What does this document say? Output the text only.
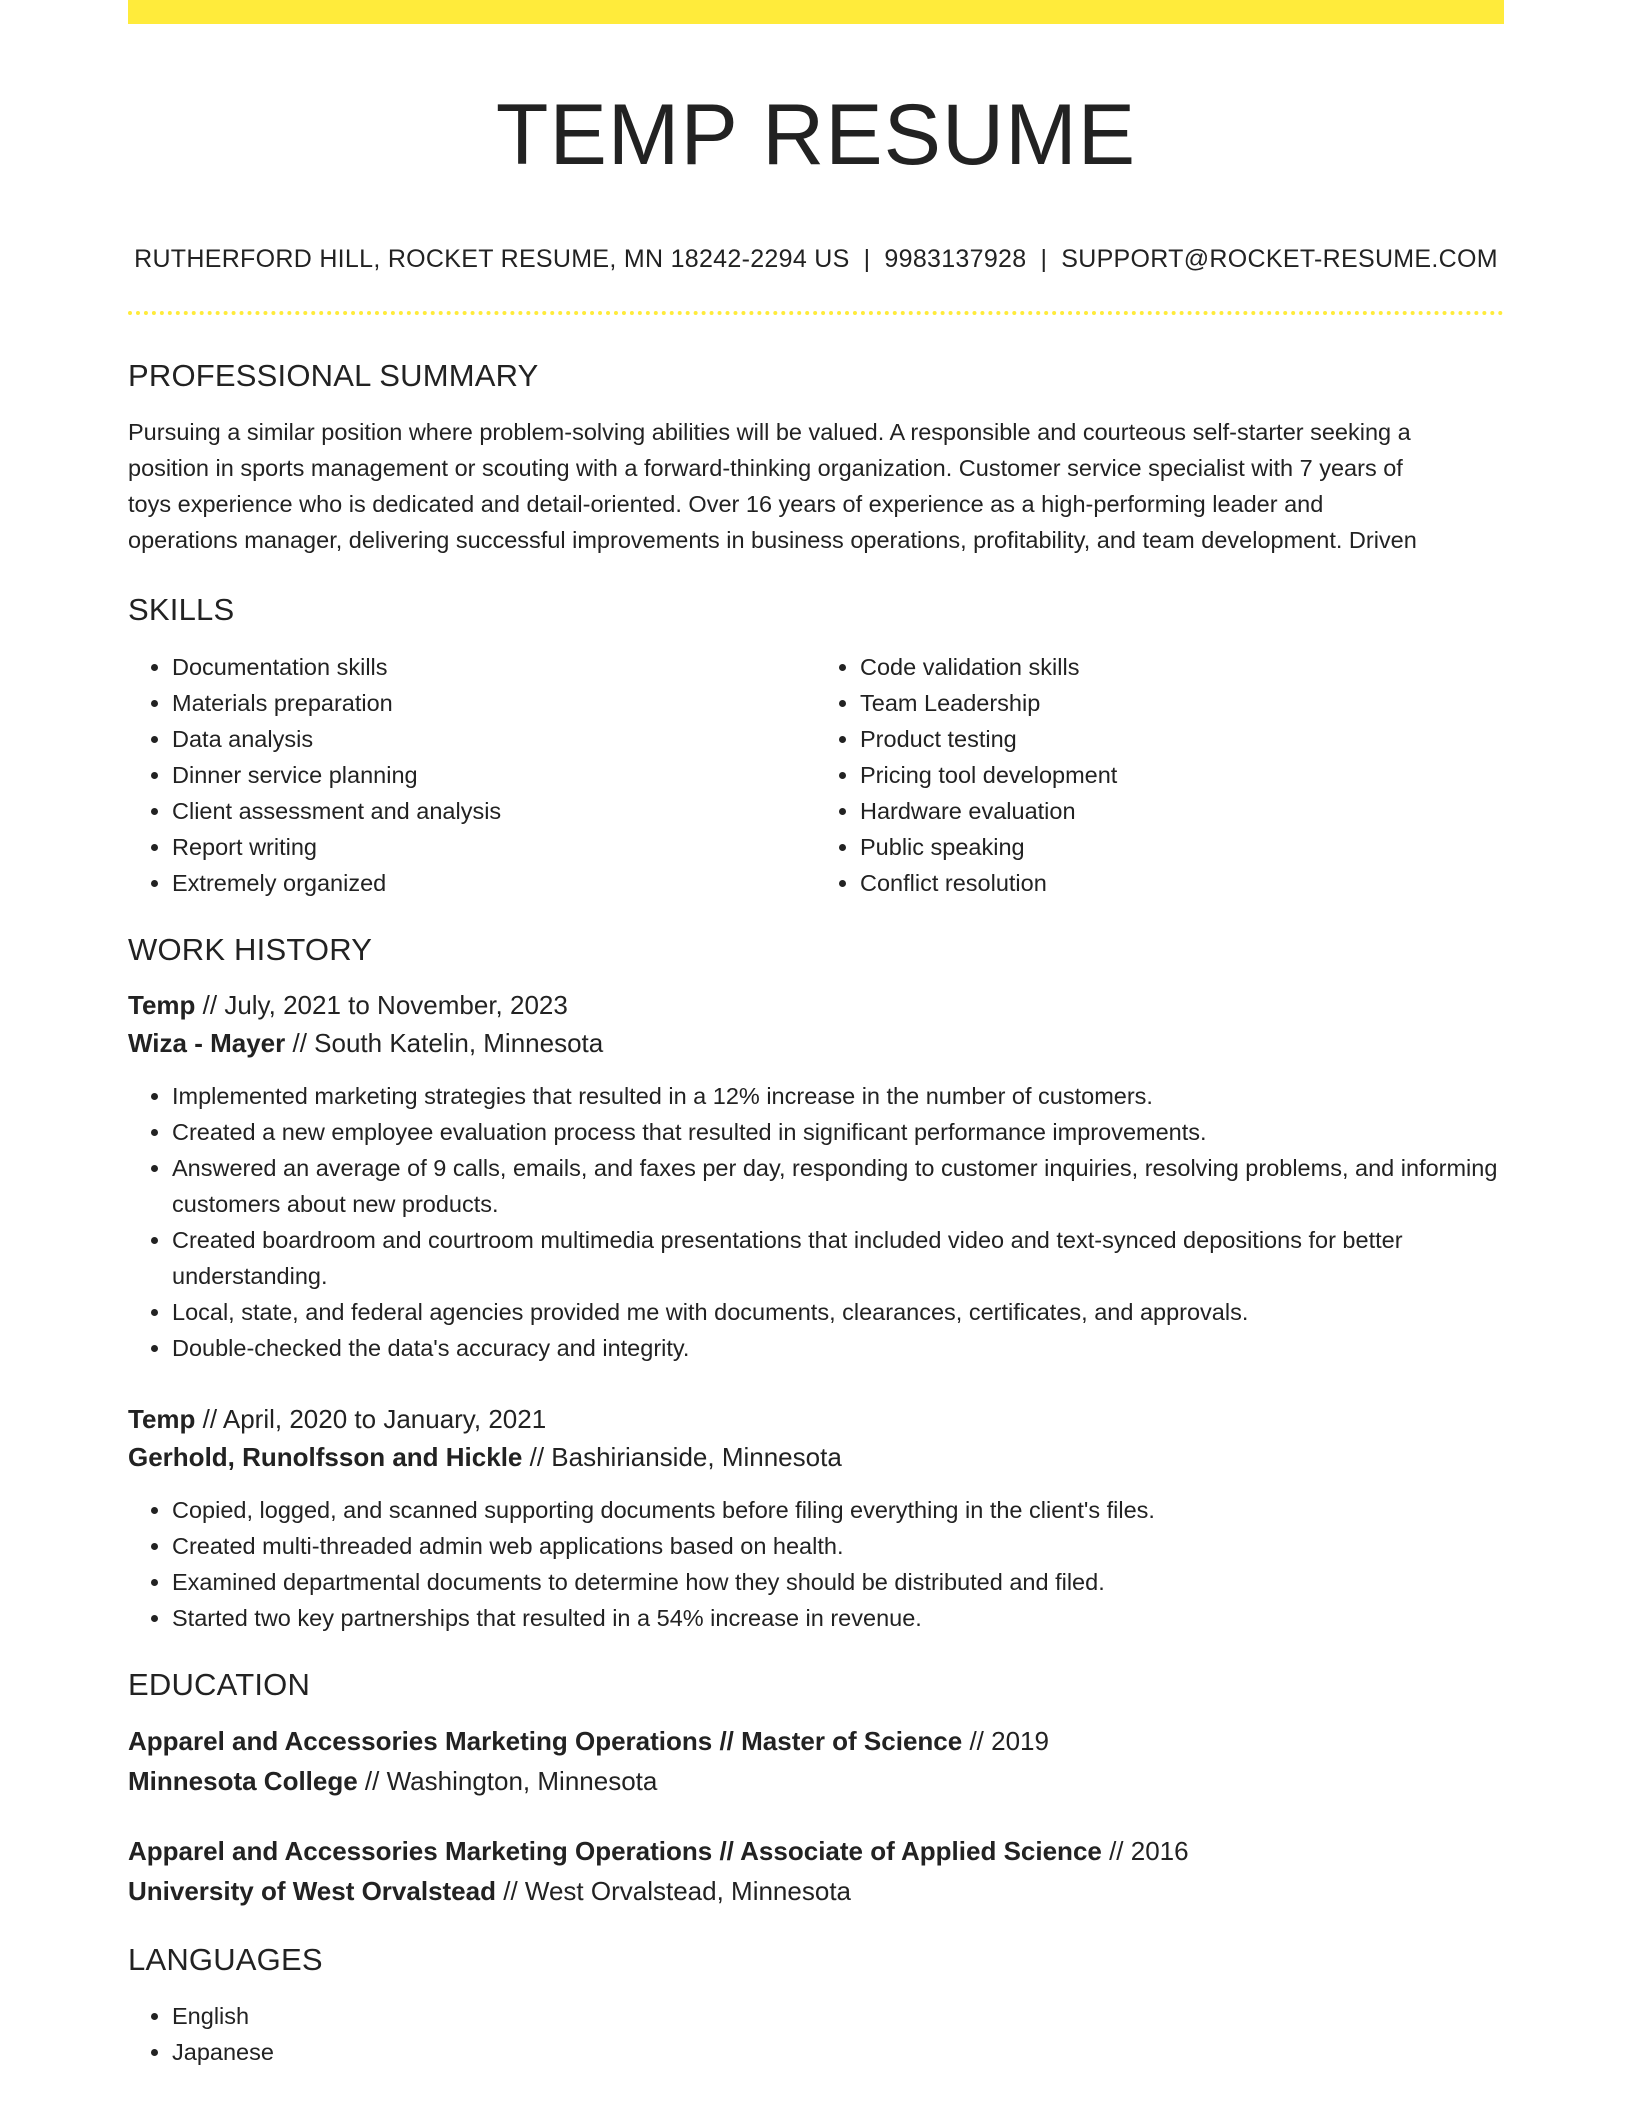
TEMP RESUME
RUTHERFORD HILL, ROCKET RESUME, MN 18242-2294 US | 9983137928 | SUPPORT@ROCKET-RESUME.COM
PROFESSIONAL SUMMARY
Pursuing a similar position where problem-solving abilities will be valued. A responsible and courteous self-starter seeking a
position in sports management or scouting with a forward-thinking organization. Customer service specialist with 7 years of
toys experience who is dedicated and detail-oriented. Over 16 years of experience as a high-performing leader and
operations manager, delivering successful improvements in business operations, profitability, and team development. Driven
SKILLS
• Documentation skills
• Materials preparation
• Data analysis
• Dinner service planning
• Client assessment and analysis
• Report writing
• Extremely organized
• Code validation skills
• Team Leadership
• Product testing
• Pricing tool development
• Hardware evaluation
• Public speaking
• Conflict resolution
WORK HISTORY
Temp // July, 2021 to November, 2023
Wiza - Mayer // South Katelin, Minnesota
• Implemented marketing strategies that resulted in a 12% increase in the number of customers.
• Created a new employee evaluation process that resulted in significant performance improvements.
• Answered an average of 9 calls, emails, and faxes per day, responding to customer inquiries, resolving problems, and informing customers about new products.
• Created boardroom and courtroom multimedia presentations that included video and text-synced depositions for better understanding.
• Local, state, and federal agencies provided me with documents, clearances, certificates, and approvals.
• Double-checked the data's accuracy and integrity.
Temp // April, 2020 to January, 2021
Gerhold, Runolfsson and Hickle // Bashirianside, Minnesota
• Copied, logged, and scanned supporting documents before filing everything in the client's files.
• Created multi-threaded admin web applications based on health.
• Examined departmental documents to determine how they should be distributed and filed.
• Started two key partnerships that resulted in a 54% increase in revenue.
EDUCATION
Apparel and Accessories Marketing Operations // Master of Science // 2019
Minnesota College // Washington, Minnesota
Apparel and Accessories Marketing Operations // Associate of Applied Science // 2016
University of West Orvalstead // West Orvalstead, Minnesota
LANGUAGES
• English
• Japanese
